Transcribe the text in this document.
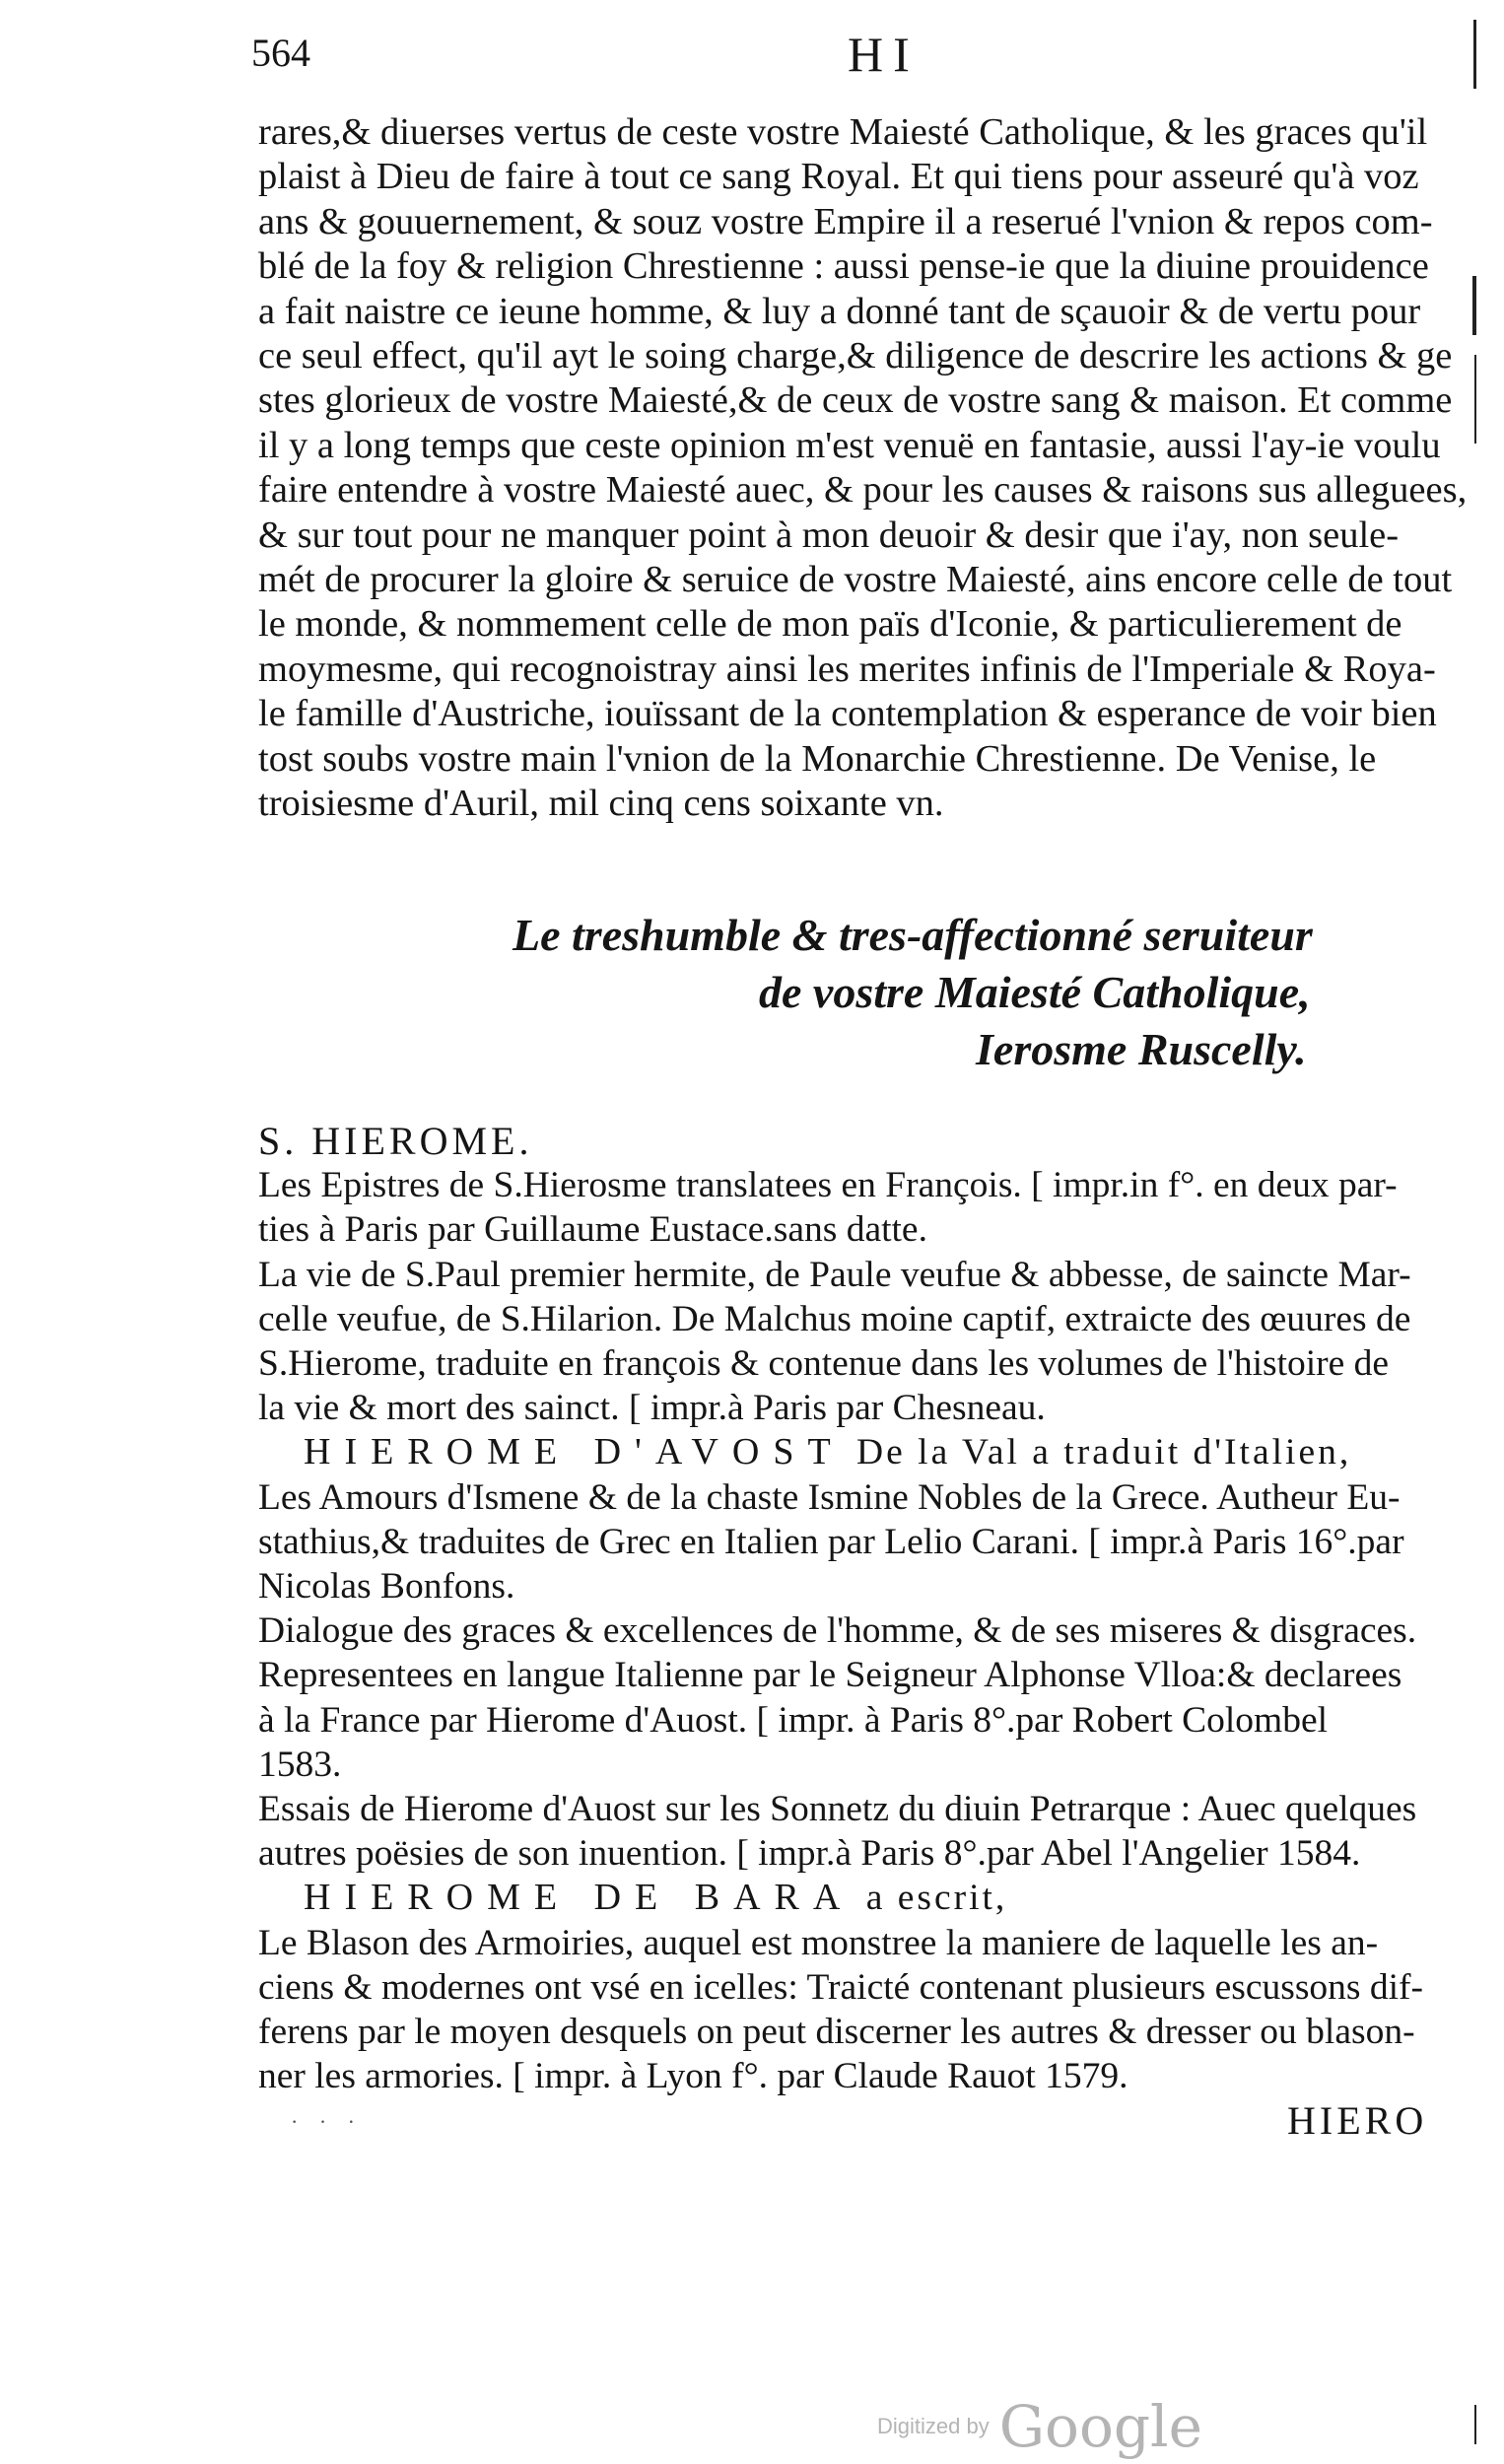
564	HI
rares,& diuerses vertus de ceste vostre Maiesté Catholique, & les graces qu'il
plaist à Dieu de faire à tout ce sang Royal. Et qui tiens pour asseuré qu'à voz
ans & gouuernement, & souz vostre Empire il a reserué l'vnion & repos com-
blé de la foy & religion Chrestienne : aussi pense-ie que la diuine prouidence
a fait naistre ce ieune homme, & luy a donné tant de sçauoir & de vertu pour
ce seul effect, qu'il ayt le soing charge,& diligence de descrire les actions & ge
stes glorieux de vostre Maiesté,& de ceux de vostre sang & maison. Et comme
il y a long temps que ceste opinion m'est venuë en fantasie, aussi l'ay-ie voulu
faire entendre à vostre Maiesté auec, & pour les causes & raisons sus alleguees,
& sur tout pour ne manquer point à mon deuoir & desir que i'ay, non seule-
mét de procurer la gloire & seruice de vostre Maiesté, ains encore celle de tout
le monde, & nommement celle de mon païs d'Iconie, & particulierement de
moymesme, qui recognoistray ainsi les merites infinis de l'Imperiale & Roya-
le famille d'Austriche, iouïssant de la contemplation & esperance de voir bien
tost soubs vostre main l'vnion de la Monarchie Chrestienne. De Venise, le
troisiesme d'Auril, mil cinq cens soixante vn.
Le treshumble & tres-affectionné seruiteur
de vostre Maiesté Catholique,
Ierosme Ruscelly.
S. HIEROME.
Les Epistres de S.Hierosme translatees en François. [ impr.in f°. en deux par-
ties à Paris par Guillaume Eustace.sans datte.
La vie de S.Paul premier hermite, de Paule veufue & abbesse, de saincte Mar-
celle veufue, de S.Hilarion. De Malchus moine captif, extraicte des œuures de
S.Hierome, traduite en françois & contenue dans les volumes de l'histoire de
la vie & mort des sainct. [ impr.à Paris par Chesneau.
HIEROME D'AVOST De la Val a traduit d'Italien,
Les Amours d'Ismene & de la chaste Ismine Nobles de la Grece. Autheur Eu-
stathius,& traduites de Grec en Italien par Lelio Carani. [ impr.à Paris 16°.par
Nicolas Bonfons.
Dialogue des graces & excellences de l'homme, & de ses miseres & disgraces.
Representees en langue Italienne par le Seigneur Alphonse Vlloa:& declarees
à la France par Hierome d'Auost. [ impr. à Paris 8°.par Robert Colombel
1583.
Essais de Hierome d'Auost sur les Sonnetz du diuin Petrarque : Auec quelques
autres poësies de son inuention. [ impr.à Paris 8°.par Abel l'Angelier 1584.
HIEROME DE BARA a escrit,
Le Blason des Armoiries, auquel est monstree la maniere de laquelle les an-
ciens & modernes ont vsé en icelles: Traicté contenant plusieurs escussons dif-
ferens par le moyen desquels on peut discerner les autres & dresser ou blason-
ner les armories. [ impr. à Lyon f°. par Claude Rauot 1579.
· · ·	HIERO
Digitized by Google
